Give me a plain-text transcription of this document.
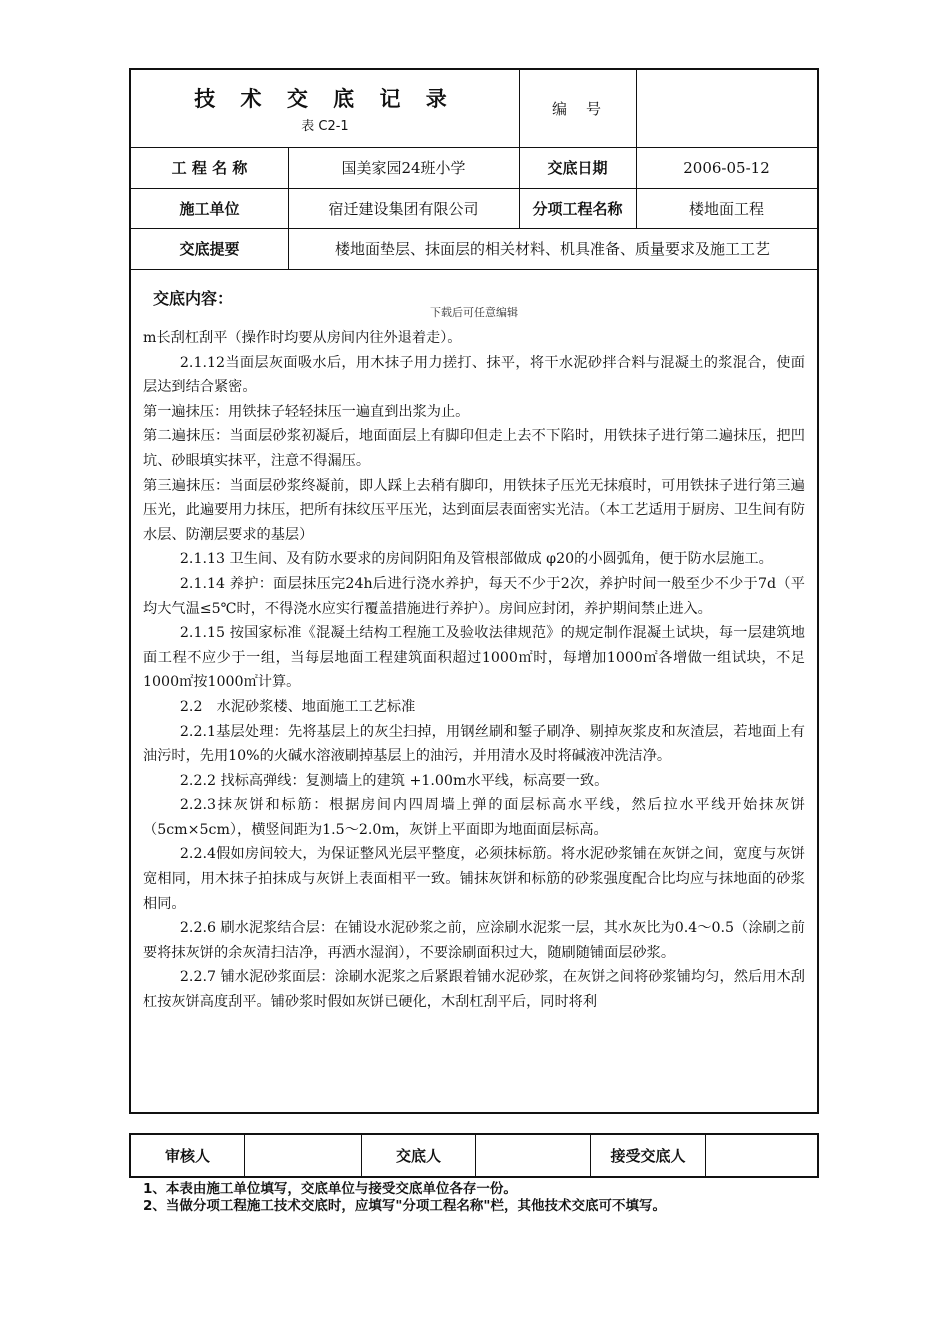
技 术 交 底 记 录
表 C2-1
编　号
工 程 名 称	国美家园24班小学	交底日期	2006-05-12
施工单位	宿迁建设集团有限公司	分项工程名称	楼地面工程
交底提要	楼地面垫层、抹面层的相关材料、机具准备、质量要求及施工工艺
交底内容：
下载后可任意编辑

m长刮杠刮平（操作时均要从房间内往外退着走）。

2.1.12当面层灰面吸水后，用木抹子用力搓打、抹平，将干水泥砂拌合料与混凝土的浆混合，使面层达到结合紧密。

第一遍抹压：用铁抹子轻轻抹压一遍直到出浆为止。

第二遍抹压：当面层砂浆初凝后，地面面层上有脚印但走上去不下陷时，用铁抹子进行第二遍抹压，把凹坑、砂眼填实抹平，注意不得漏压。

第三遍抹压：当面层砂浆终凝前，即人踩上去稍有脚印，用铁抹子压光无抹痕时，可用铁抹子进行第三遍压光，此遍要用力抹压，把所有抹纹压平压光，达到面层表面密实光洁。（本工艺适用于厨房、卫生间有防水层、防潮层要求的基层）

2.1.13 卫生间、及有防水要求的房间阴阳角及管根部做成 φ20的小圆弧角，便于防水层施工。

2.1.14 养护：面层抹压完24h后进行浇水养护，每天不少于2次，养护时间一般至少不少于7d（平均大气温≤5℃时，不得浇水应实行覆盖措施进行养护）。房间应封闭，养护期间禁止进入。

2.1.15 按国家标准《混凝土结构工程施工及验收法律规范》的规定制作混凝土试块，每一层建筑地面工程不应少于一组，当每层地面工程建筑面积超过1000㎡时，每增加1000㎡各增做一组试块，不足1000㎡按1000㎡计算。

2.2　水泥砂浆楼、地面施工工艺标准

2.2.1基层处理：先将基层上的灰尘扫掉，用钢丝刷和錾子刷净、剔掉灰浆皮和灰渣层，若地面上有油污时，先用10%的火碱水溶液刷掉基层上的油污，并用清水及时将碱液冲洗洁净。

2.2.2 找标高弹线：复测墙上的建筑 +1.00m水平线，标高要一致。

2.2.3抹灰饼和标筋：根据房间内四周墙上弹的面层标高水平线，然后拉水平线开始抹灰饼（5cm×5cm），横竖间距为1.5～2.0m，灰饼上平面即为地面面层标高。

2.2.4假如房间较大，为保证整风光层平整度，必须抹标筋。将水泥砂浆铺在灰饼之间，宽度与灰饼宽相同，用木抹子拍抹成与灰饼上表面相平一致。铺抹灰饼和标筋的砂浆强度配合比均应与抹地面的砂浆相同。

2.2.6 刷水泥浆结合层：在铺设水泥砂浆之前，应涂刷水泥浆一层，其水灰比为0.4～0.5（涂刷之前要将抹灰饼的余灰清扫洁净，再洒水湿润），不要涂刷面积过大，随刷随铺面层砂浆。

2.2.7 铺水泥砂浆面层：涂刷水泥浆之后紧跟着铺水泥砂浆，在灰饼之间将砂浆铺均匀，然后用木刮杠按灰饼高度刮平。铺砂浆时假如灰饼已硬化，木刮杠刮平后，同时将利

审核人	交底人	接受交底人
1、本表由施工单位填写，交底单位与接受交底单位各存一份。
2、当做分项工程施工技术交底时，应填写"分项工程名称"栏，其他技术交底可不填写。
